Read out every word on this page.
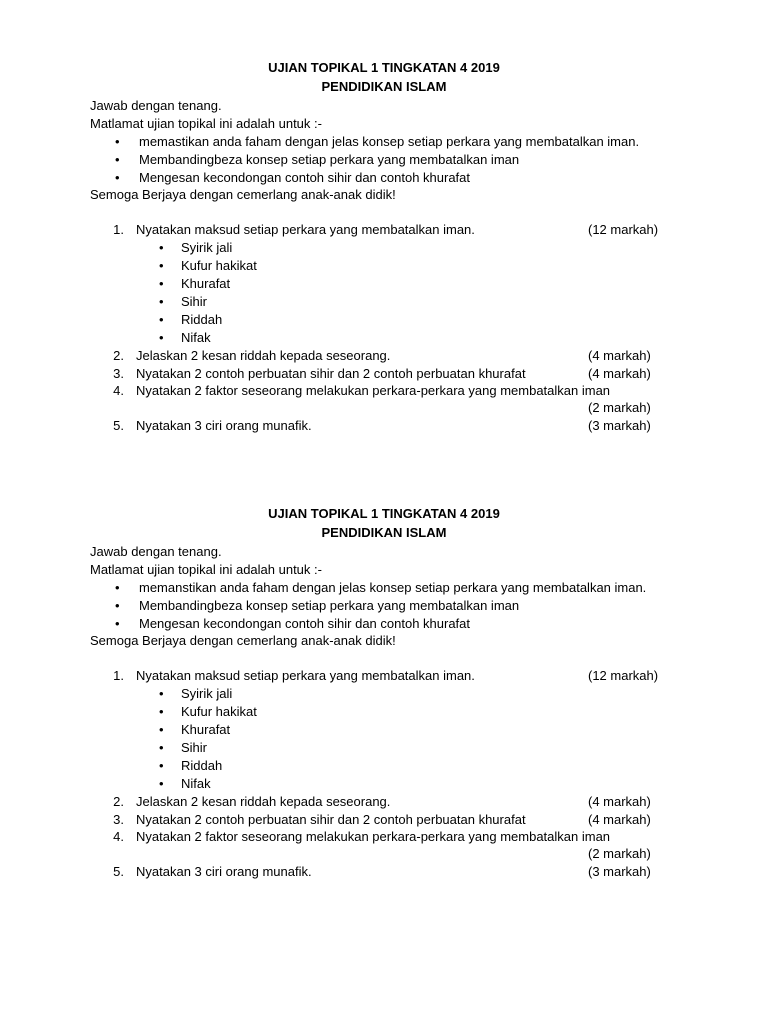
UJIAN TOPIKAL 1 TINGKATAN 4 2019
PENDIDIKAN ISLAM
Jawab dengan tenang.
Matlamat ujian topikal ini adalah untuk :-
• memastikan anda faham dengan jelas konsep setiap perkara yang membatalkan iman.
• Membandingbeza konsep setiap perkara yang membatalkan iman
• Mengesan kecondongan contoh sihir dan contoh khurafat
Semoga Berjaya dengan cemerlang anak-anak didik!
1. Nyatakan maksud setiap perkara yang membatalkan iman.	(12 markah)
• Syirik jali
• Kufur hakikat
• Khurafat
• Sihir
• Riddah
• Nifak
2. Jelaskan 2 kesan riddah kepada seseorang.	(4 markah)
3. Nyatakan 2 contoh perbuatan sihir dan 2 contoh perbuatan khurafat	(4 markah)
4. Nyatakan 2 faktor seseorang melakukan perkara-perkara yang membatalkan iman
(2 markah)
5. Nyatakan 3 ciri orang munafik.	(3 markah)
UJIAN TOPIKAL 1 TINGKATAN 4 2019
PENDIDIKAN ISLAM
Jawab dengan tenang.
Matlamat ujian topikal ini adalah untuk :-
• memanstikan anda faham dengan jelas konsep setiap perkara yang membatalkan iman.
• Membandingbeza konsep setiap perkara yang membatalkan iman
• Mengesan kecondongan contoh sihir dan contoh khurafat
Semoga Berjaya dengan cemerlang anak-anak didik!
1. Nyatakan maksud setiap perkara yang membatalkan iman.	(12 markah)
• Syirik jali
• Kufur hakikat
• Khurafat
• Sihir
• Riddah
• Nifak
2. Jelaskan 2 kesan riddah kepada seseorang.	(4 markah)
3. Nyatakan 2 contoh perbuatan sihir dan 2 contoh perbuatan khurafat	(4 markah)
4. Nyatakan 2 faktor seseorang melakukan perkara-perkara yang membatalkan iman
(2 markah)
5. Nyatakan 3 ciri orang munafik.	(3 markah)
